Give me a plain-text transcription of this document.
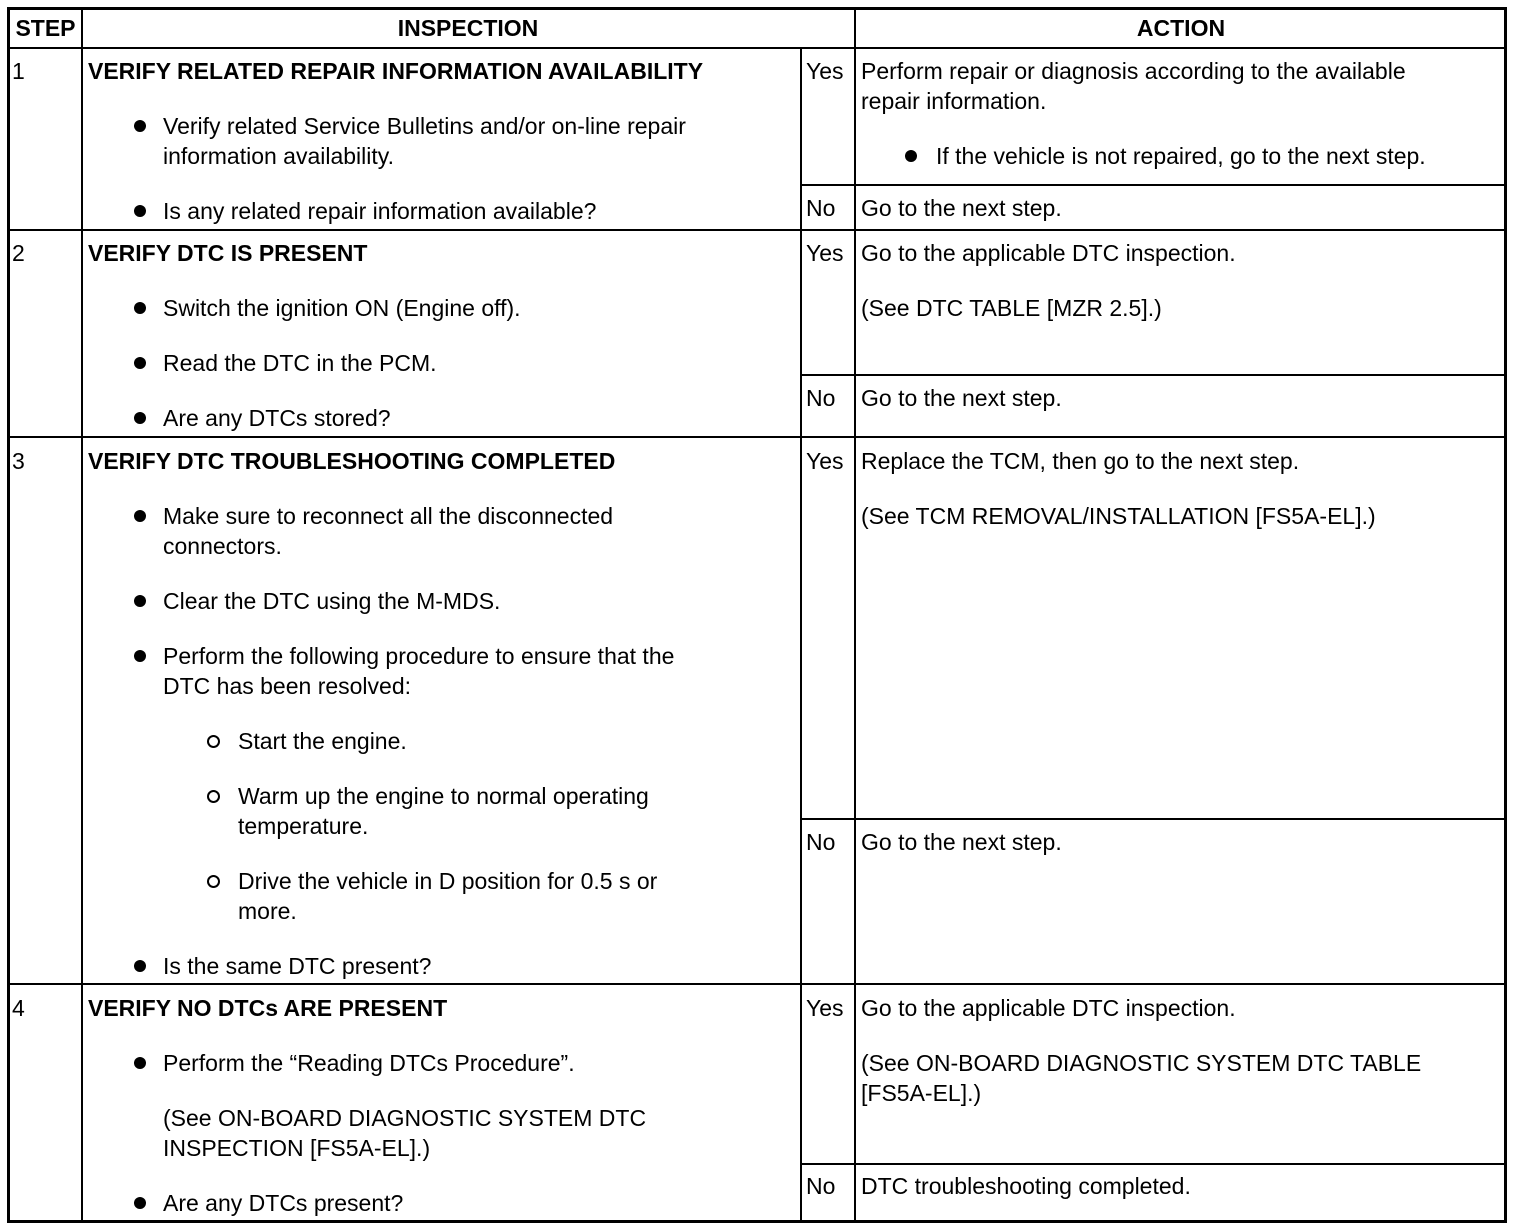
STEP	INSPECTION	ACTION
1	VERIFY RELATED REPAIR INFORMATION AVAILABILITY
Verify related Service Bulletins and/or on-line repair
information availability.
Is any related repair information available?
Yes Perform repair or diagnosis according to the available
repair information.
If the vehicle is not repaired, go to the next step.
No Go to the next step.
2	VERIFY DTC IS PRESENT
Switch the ignition ON (Engine off).
Read the DTC in the PCM.
Are any DTCs stored?
Yes Go to the applicable DTC inspection.
(See DTC TABLE [MZR 2.5].)
No Go to the next step.
3	VERIFY DTC TROUBLESHOOTING COMPLETED
Make sure to reconnect all the disconnected
connectors.
Clear the DTC using the M-MDS.
Perform the following procedure to ensure that the
DTC has been resolved:
Start the engine.
Warm up the engine to normal operating
temperature.
Drive the vehicle in D position for 0.5 s or
more.
Is the same DTC present?
Yes Replace the TCM, then go to the next step.
(See TCM REMOVAL/INSTALLATION [FS5A-EL].)
No Go to the next step.
4	VERIFY NO DTCs ARE PRESENT
Perform the “Reading DTCs Procedure”.
(See ON-BOARD DIAGNOSTIC SYSTEM DTC
INSPECTION [FS5A-EL].)
Are any DTCs present?
Yes Go to the applicable DTC inspection.
(See ON-BOARD DIAGNOSTIC SYSTEM DTC TABLE
[FS5A-EL].)
No DTC troubleshooting completed.
